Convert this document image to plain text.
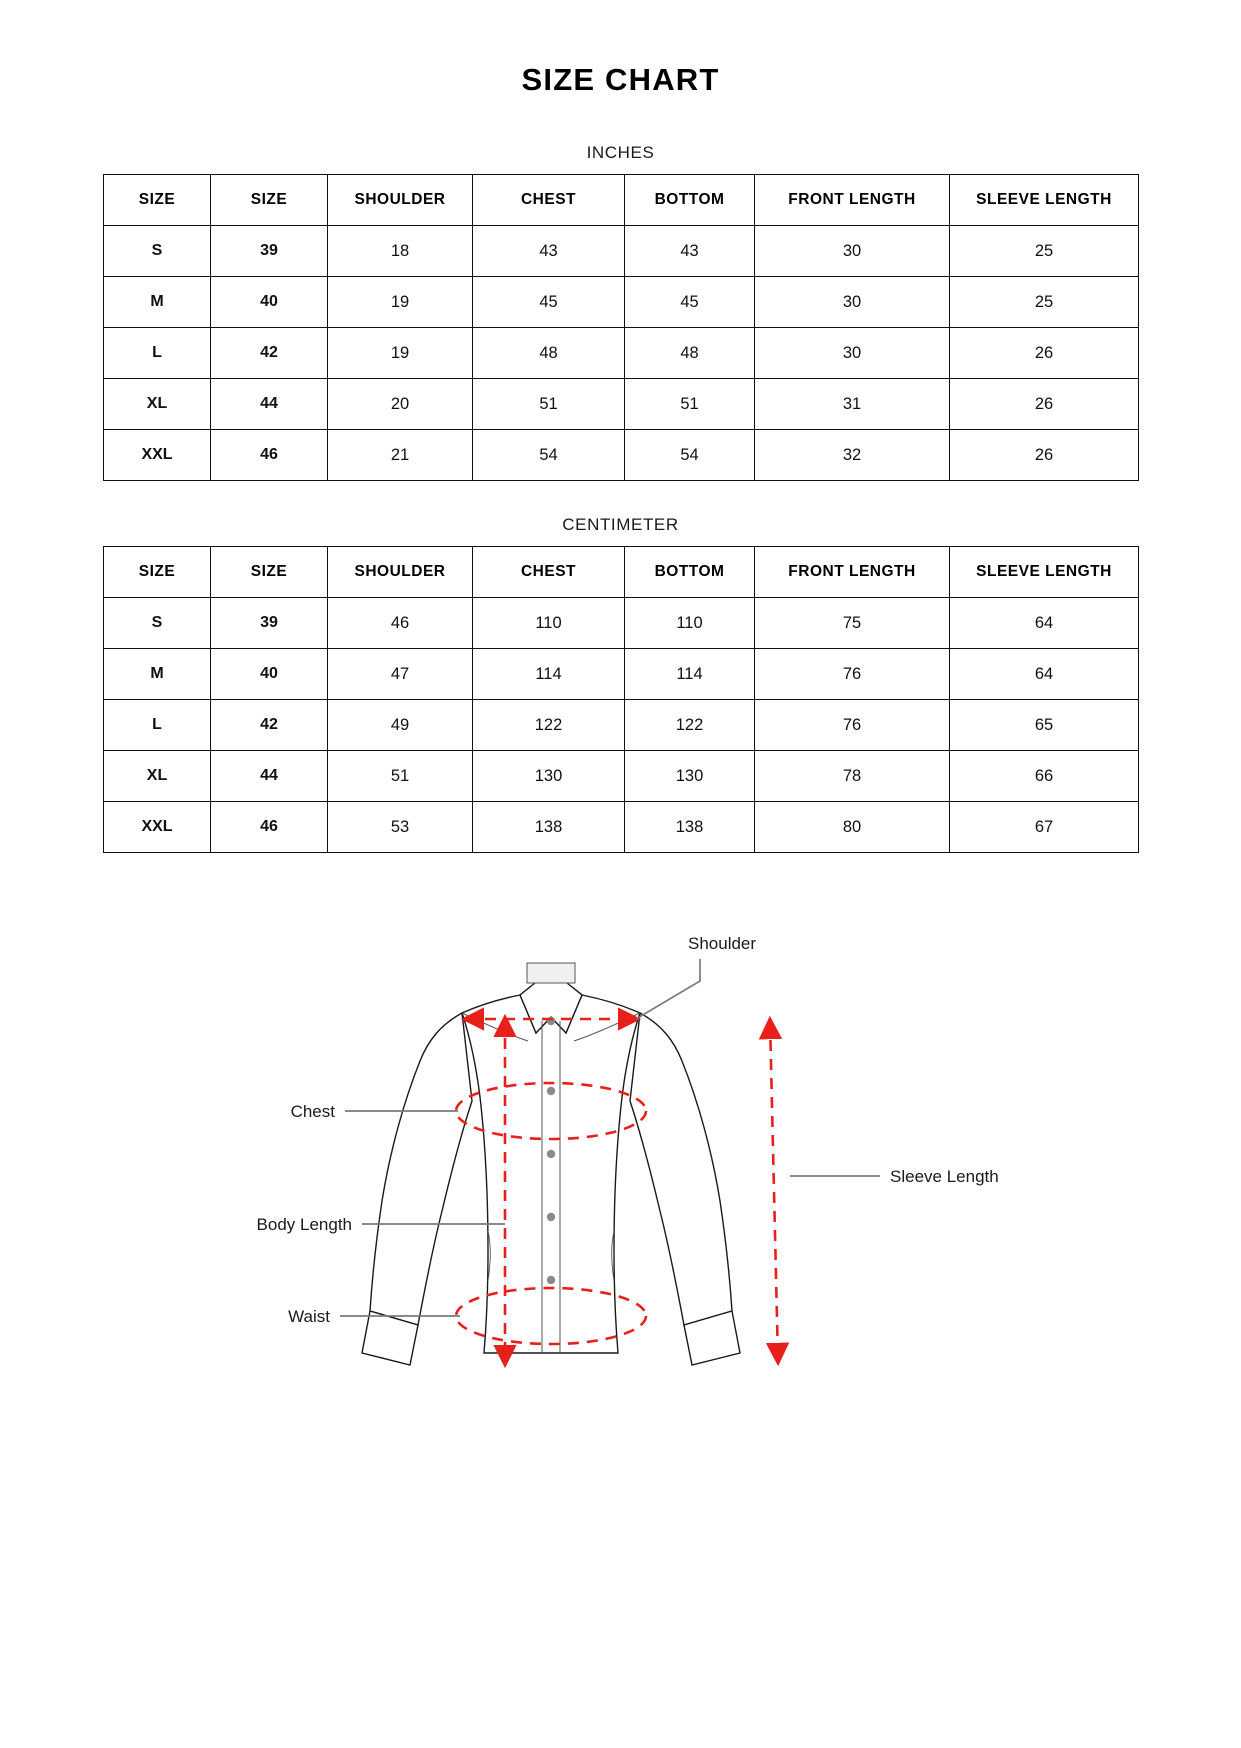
SIZE CHART
INCHES
SIZE	SIZE	SHOULDER	CHEST	BOTTOM	FRONT LENGTH	SLEEVE LENGTH
S	39	18	43	43	30	25
M	40	19	45	45	30	25
L	42	19	48	48	30	26
XL	44	20	51	51	31	26
XXL	46	21	54	54	32	26
CENTIMETER
SIZE	SIZE	SHOULDER	CHEST	BOTTOM	FRONT LENGTH	SLEEVE LENGTH
S	39	46	110	110	75	64
M	40	47	114	114	76	64
L	42	49	122	122	76	65
XL	44	51	130	130	78	66
XXL	46	53	138	138	80	67
Shoulder
Chest
Body Length
Waist
Sleeve Length
